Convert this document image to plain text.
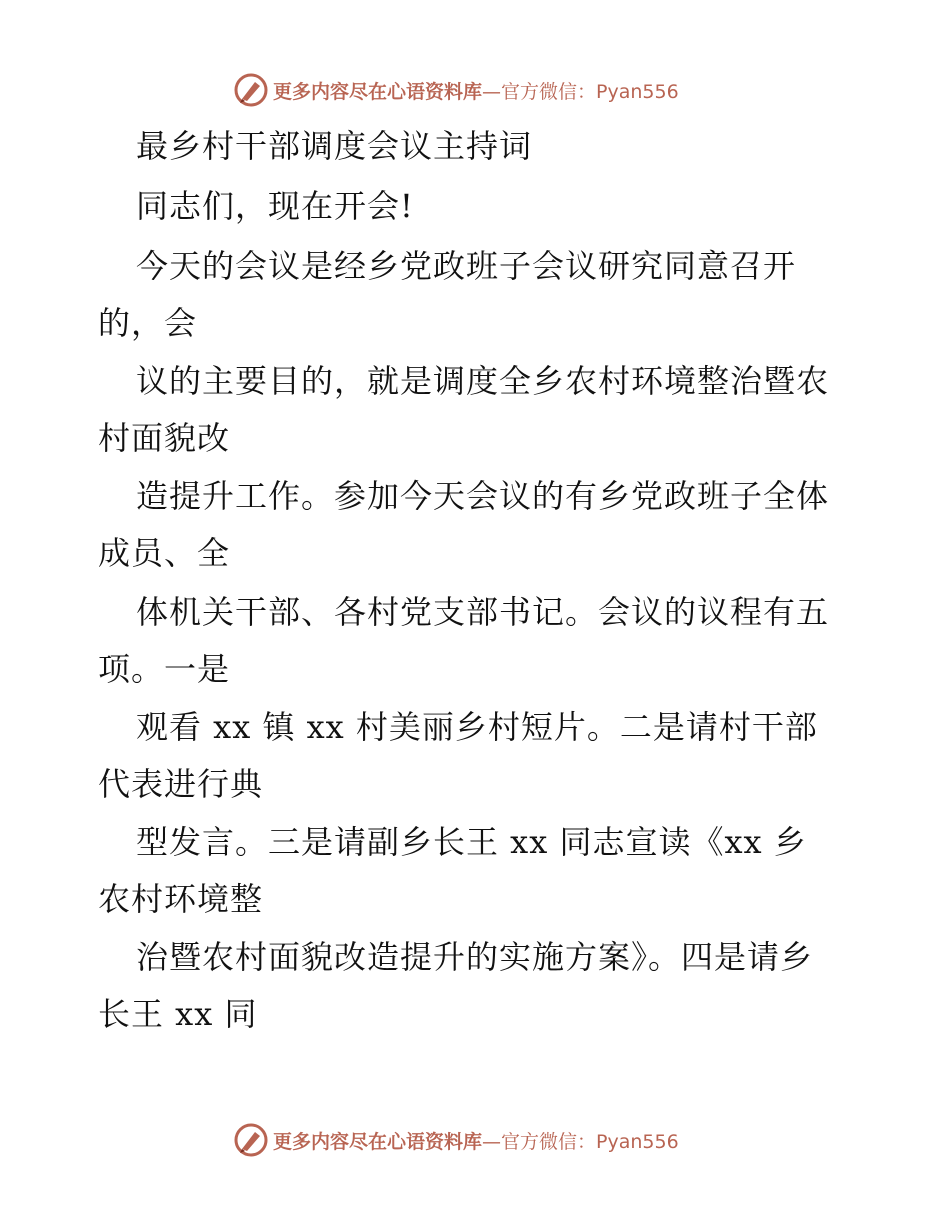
更多内容尽在心语资料库 —官方微信：Pyan556
最乡村干部调度会议主持词
同志们，现在开会!
今天的会议是经乡党政班子会议研究同意召开
的，会
议的主要目的，就是调度全乡农村环境整治暨农
村面貌改
造提升工作。参加今天会议的有乡党政班子全体
成员、全
体机关干部、各村党支部书记。会议的议程有五
项。一是
观看 xx 镇 xx 村美丽乡村短片。二是请村干部
代表进行典
型发言。三是请副乡长王 xx 同志宣读《xx 乡
农村环境整
治暨农村面貌改造提升的实施方案》。四是请乡
长王 xx 同
更多内容尽在心语资料库 —官方微信：Pyan556
